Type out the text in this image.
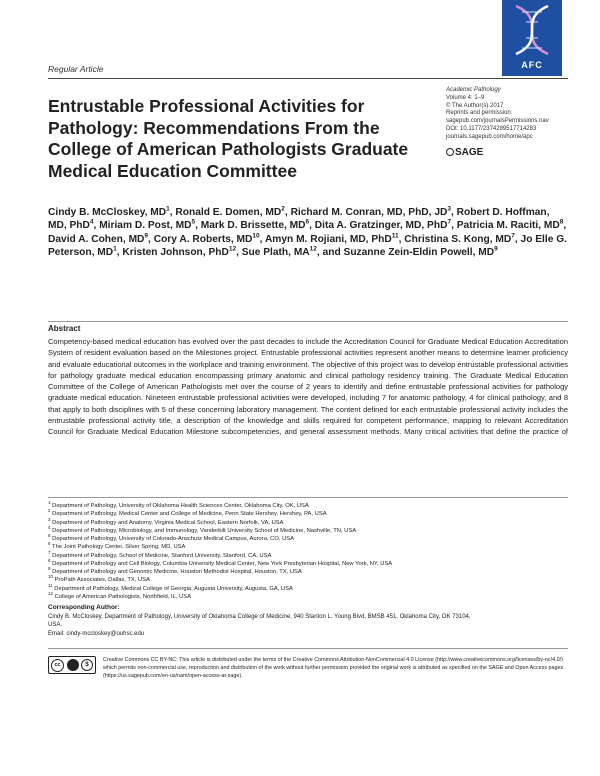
AFC
Regular Article
Entrustable Professional Activities for Pathology: Recommendations From the College of American Pathologists Graduate Medical Education Committee
Academic Pathology
Volume 4: 1–9
© The Author(s) 2017
Reprints and permission:
sagepub.com/journalsPermissions.nav
DOI: 10.1177/2374289517714283
journals.sagepub.com/home/apc
SAGE
Cindy B. McCloskey, $MD^1$, Ronald E. Domen, $MD^2$, Richard M. Conran, MD, PhD, $JD^3$, Robert D. Hoffman, MD, PhD$^4$, Miriam D. Post, $MD^5$, Mark D. Brissette, $MD^6$, Dita A. Gratzinger, MD, PhD$^7$, Patricia M. Raciti, $MD^8$, David A. Cohen, $MD^9$, Cory A. Roberts, MD$^{10}$, Amyn M. Rojiani, MD, PhD$^{11}$, Christina S. Kong, $MD^7$, Jo Elle G. Peterson, $MD^1$, Kristen Johnson, PhD$^{12}$, Sue Plath, MA$^{12}$, and Suzanne Zein-Eldin Powell, $MD^9$
Abstract
Competency-based medical education has evolved over the past decades to include the Accreditation Council for Graduate Medical Education Accreditation System of resident evaluation based on the Milestones project. Entrustable professional activities represent another means to determine learner proficiency and evaluate educational outcomes in the workplace and training environment. The objective of this project was to develop entrustable professional activities for pathology graduate medical education encompassing primary anatomic and clinical pathology residency training. The Graduate Medical Education Committee of the College of American Pathologists met over the course of 2 years to identify and define entrustable professional activities for pathology graduate medical education. Nineteen entrustable professional activities were developed, including 7 for anatomic pathology, 4 for clinical pathology, and 8 that apply to both disciplines with 5 of these concerning laboratory management. The content defined for each entrustable professional activity includes the entrustable professional activity title, a description of the knowledge and skills required for competent performance, mapping to relevant Accreditation Council for Graduate Medical Education Milestone subcompetencies, and general assessment methods. Many critical activities that define the practice of
$^1$ Department of Pathology, University of Oklahoma Health Sciences Center, Oklahoma City, OK, USA
$^2$ Department of Pathology, Medical Center and College of Medicine, Penn State Hershey, Hershey, PA, USA
$^3$ Department of Pathology and Anatomy, Virginia Medical School, Eastern Norfolk, VA, USA
$^4$ Department of Pathology, Microbiology, and Immunology, Vanderbilt University School of Medicine, Nashville, TN, USA
$^5$ Department of Pathology, University of Colorado-Anschutz Medical Campus, Aurora, CO, USA
$^6$ The Joint Pathology Center, Silver Spring, MD, USA
$^7$ Department of Pathology, School of Medicine, Stanford University, Stanford, CA, USA
$^8$ Department of Pathology and Cell Biology, Columbia University Medical Center, New York Presbyterian Hospital, New York, NY, USA
$^9$ Department of Pathology and Genomic Medicine, Houston Methodist Hospital, Houston, TX, USA
$^{10}$ ProPath Associates, Dallas, TX, USA
$^{11}$ Department of Pathology, Medical College of Georgia, Augusta University, Augusta, GA, USA
$^{12}$ College of American Pathologists, Northfield, IL, USA
Corresponding Author:
Cindy B. McCloskey, Department of Pathology, University of Oklahoma College of Medicine, 940 Stanton L. Young Blvd, BMSB 451, Oklahoma City, OK 73104,
USA.
Email: cindy-mccloskey@ouhsc.edu
cc	$
Creative Commons CC BY-NC: This article is distributed under the terms of the Creative Commons Attribution-NonCommercial 4.0 License (http://www.creativecommons.org/licenses/by-nc/4.0/) which permits non-commercial use, reproduction and distribution of the work without further permission provided the original work is attributed as specified on the SAGE and Open Access pages (https://us.sagepub.com/en-us/nam/open-access-at-sage).
